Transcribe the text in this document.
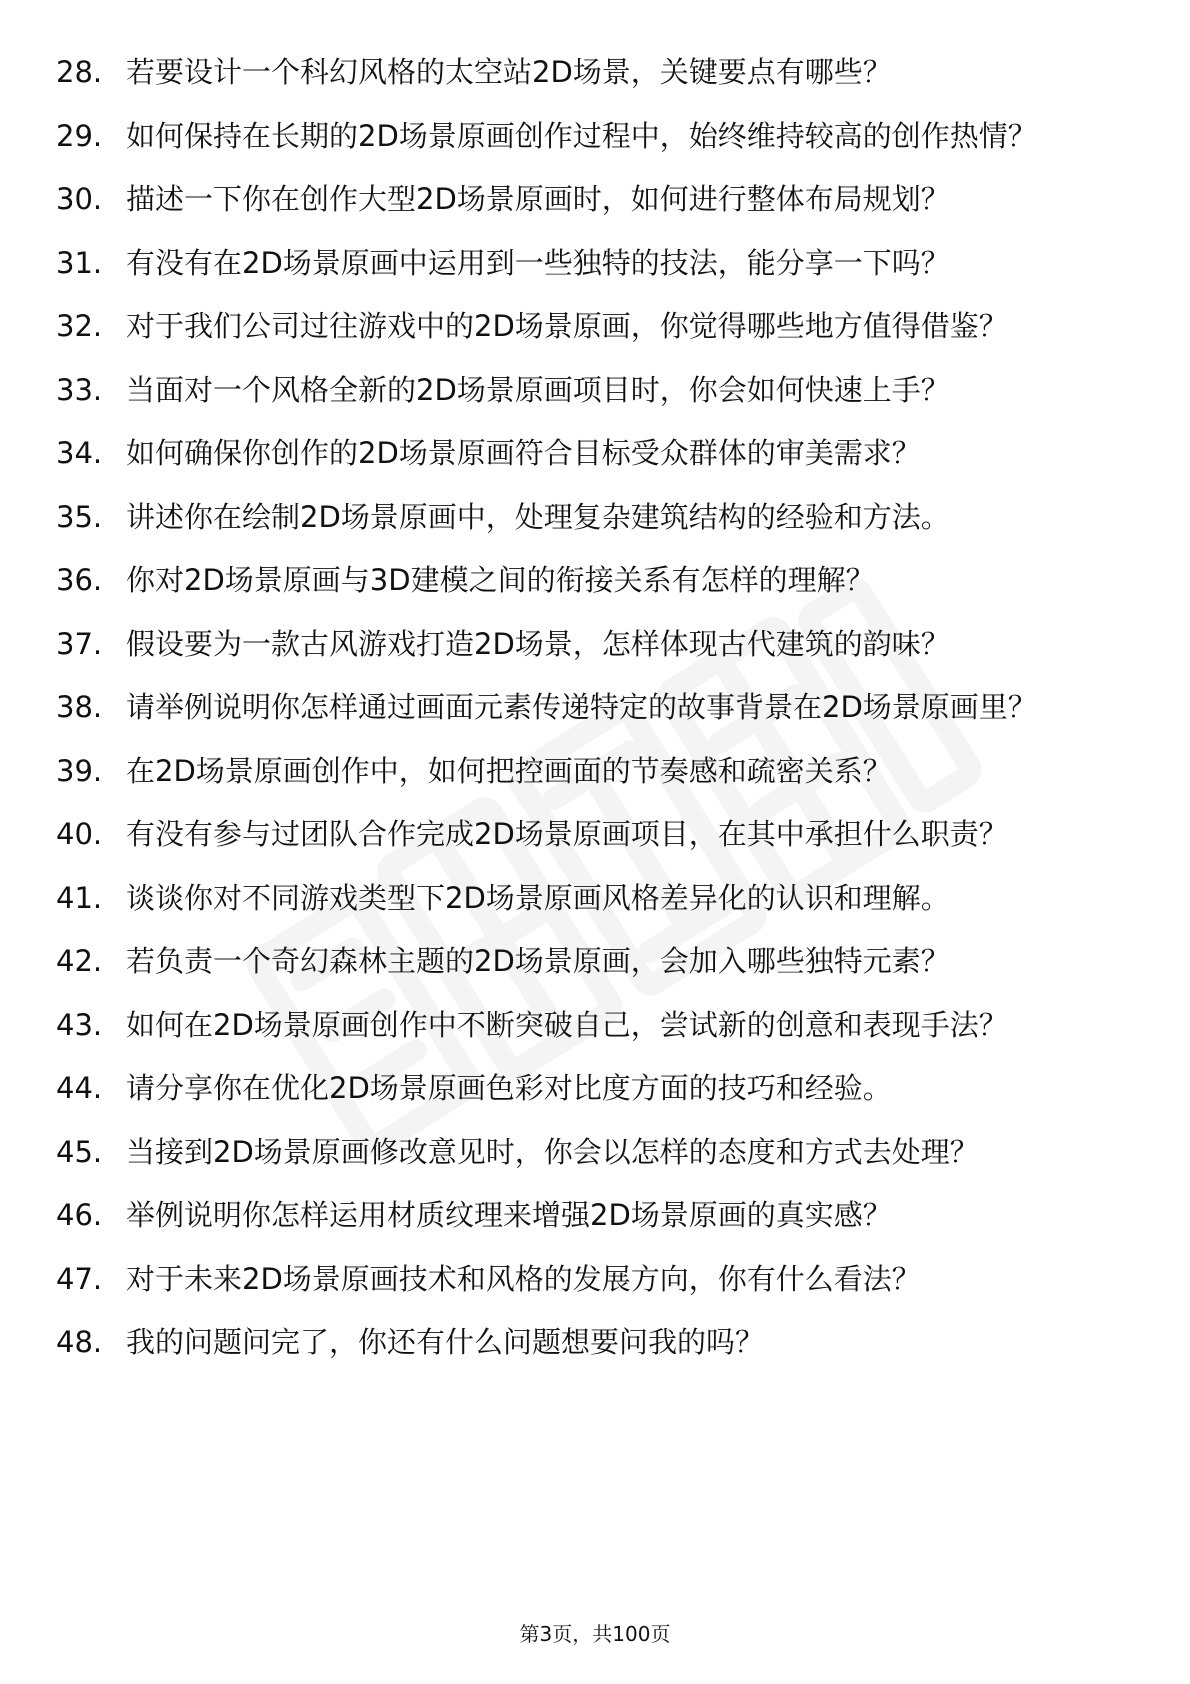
28. 若要设计一个科幻风格的太空站2D场景，关键要点有哪些？
29. 如何保持在长期的2D场景原画创作过程中，始终维持较高的创作热情？
30. 描述一下你在创作大型2D场景原画时，如何进行整体布局规划？
31. 有没有在2D场景原画中运用到一些独特的技法，能分享一下吗？
32. 对于我们公司过往游戏中的2D场景原画，你觉得哪些地方值得借鉴？
33. 当面对一个风格全新的2D场景原画项目时，你会如何快速上手？
34. 如何确保你创作的2D场景原画符合目标受众群体的审美需求？
35. 讲述你在绘制2D场景原画中，处理复杂建筑结构的经验和方法。
36. 你对2D场景原画与3D建模之间的衔接关系有怎样的理解？
37. 假设要为一款古风游戏打造2D场景，怎样体现古代建筑的韵味？
38. 请举例说明你怎样通过画面元素传递特定的故事背景在2D场景原画里？
39. 在2D场景原画创作中，如何把控画面的节奏感和疏密关系？
40. 有没有参与过团队合作完成2D场景原画项目，在其中承担什么职责？
41. 谈谈你对不同游戏类型下2D场景原画风格差异化的认识和理解。
42. 若负责一个奇幻森林主题的2D场景原画，会加入哪些独特元素？
43. 如何在2D场景原画创作中不断突破自己，尝试新的创意和表现手法？
44. 请分享你在优化2D场景原画色彩对比度方面的技巧和经验。
45. 当接到2D场景原画修改意见时，你会以怎样的态度和方式去处理？
46. 举例说明你怎样运用材质纹理来增强2D场景原画的真实感？
47. 对于未来2D场景原画技术和风格的发展方向，你有什么看法？
48. 我的问题问完了，你还有什么问题想要问我的吗？
第3页，共100页
